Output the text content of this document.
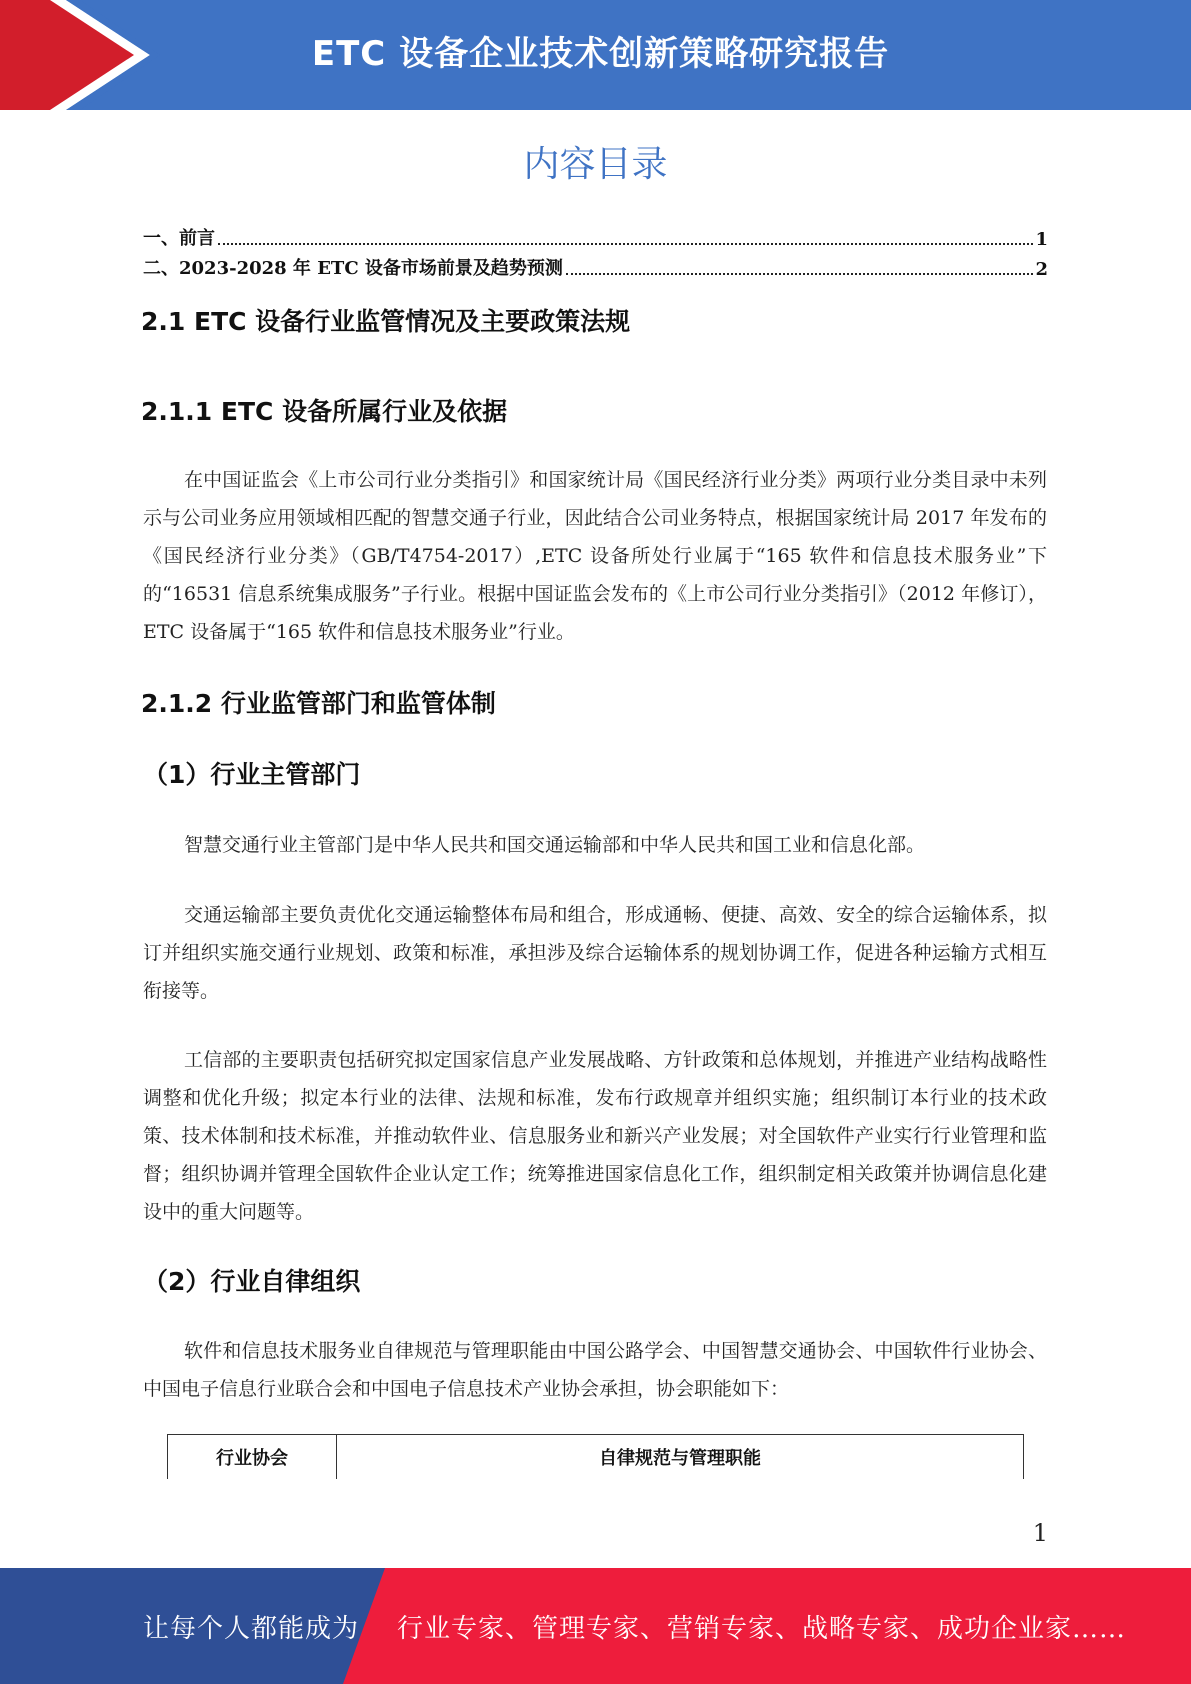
ETC 设备企业技术创新策略研究报告
内容目录
一、前言	1
二、2023-2028 年 ETC 设备市场前景及趋势预测	2
2.1 ETC 设备行业监管情况及主要政策法规
2.1.1 ETC 设备所属行业及依据

在中国证监会《上市公司行业分类指引》和国家统计局《国民经济行业分类》两项行业分类目录中未列示与公司业务应用领域相匹配的智慧交通子行业，因此结合公司业务特点，根据国家统计局 2017 年发布的《国民经济行业分类》（GB/T4754-2017）,ETC 设备所处行业属于“165 软件和信息技术服务业”下的“16531 信息系统集成服务”子行业。根据中国证监会发布的《上市公司行业分类指引》（2012 年修订），ETC 设备属于“165 软件和信息技术服务业”行业。

2.1.2 行业监管部门和监管体制
（1）行业主管部门

智慧交通行业主管部门是中华人民共和国交通运输部和中华人民共和国工业和信息化部。

交通运输部主要负责优化交通运输整体布局和组合，形成通畅、便捷、高效、安全的综合运输体系，拟订并组织实施交通行业规划、政策和标准，承担涉及综合运输体系的规划协调工作，促进各种运输方式相互衔接等。

工信部的主要职责包括研究拟定国家信息产业发展战略、方针政策和总体规划，并推进产业结构战略性调整和优化升级；拟定本行业的法律、法规和标准，发布行政规章并组织实施；组织制订本行业的技术政策、技术体制和技术标准，并推动软件业、信息服务业和新兴产业发展；对全国软件产业实行行业管理和监督；组织协调并管理全国软件企业认定工作；统筹推进国家信息化工作，组织制定相关政策并协调信息化建设中的重大问题等。

（2）行业自律组织

软件和信息技术服务业自律规范与管理职能由中国公路学会、中国智慧交通协会、中国软件行业协会、中国电子信息行业联合会和中国电子信息技术产业协会承担，协会职能如下：

行业协会	自律规范与管理职能
1
让每个人都能成为 行业专家、管理专家、营销专家、战略专家、成功企业家……
